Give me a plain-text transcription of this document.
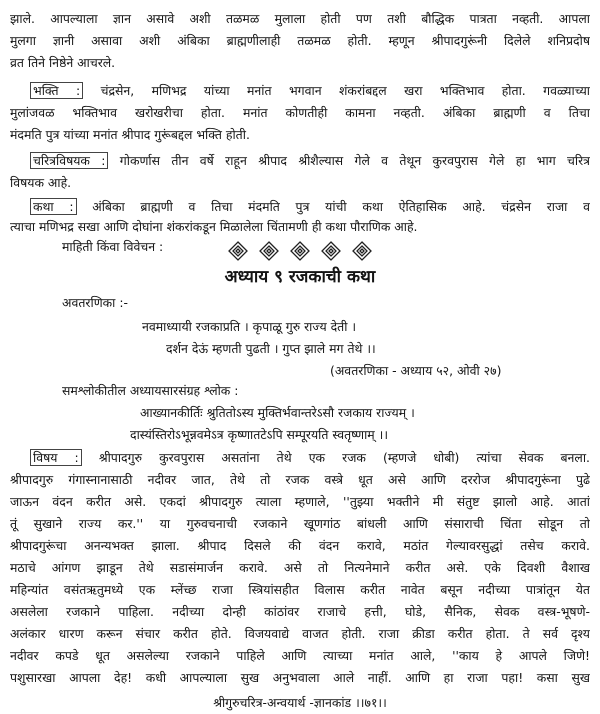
झाले. आपल्याला ज्ञान असावे अशी तळमळ मुलाला होती पण तशी बौद्धिक पात्रता नव्हती. आपला
मुलगा ज्ञानी असावा अशी अंबिका ब्राह्मणीलाही तळमळ होती. म्हणून श्रीपादगुरूंनी दिलेले शनिप्रदोष
व्रत तिने निष्ठेने आचरले.
भक्ति : चंद्रसेन, मणिभद्र यांच्या मनांत भगवान शंकरांबद्दल खरा भक्तिभाव होता. गवळ्याच्या
मुलांजवळ भक्तिभाव खरोखरीचा होता. मनांत कोणतीही कामना नव्हती. अंबिका ब्राह्मणी व तिचा
मंदमति पुत्र यांच्या मनांत श्रीपाद गुरूंबद्दल भक्ति होती.
चरित्रविषयक : गोकर्णास तीन वर्षे राहून श्रीपाद श्रीशैल्यास गेले व तेथून कुरवपुरास गेले हा भाग चरित्र
विषयक आहे.
कथा : अंबिका ब्राह्मणी व तिचा मंदमति पुत्र यांची कथा ऐतिहासिक आहे. चंद्रसेन राजा व
त्याचा मणिभद्र सखा आणि दोघांना शंकरांकडून मिळालेला चिंतामणी ही कथा पौराणिक आहे.
माहिती किंवा विवेचन :
अध्याय ९ रजकाची कथा
अवतरणिका :-
नवमाध्यायी रजकाप्रति । कृपाळू गुरु राज्य देती ।
दर्शन देऊं म्हणती पुढती । गुप्त झाले मग तेथे ।।
(अवतरणिका - अध्याय ५२, ओवी २७)
समश्लोकीतील अध्यायसारसंग्रह श्लोक :
आख्यानकीर्तिः श्रुतितोऽस्य मुक्तिर्भवान्तरेऽसौ रजकाय राज्यम् ।
दास्यंस्तिरोऽभून्नवमेऽत्र कृष्णातटेऽपि सम्पूरयति स्वतृष्णाम् ।।
विषय : श्रीपादगुरु कुरवपुरास असतांना तेथे एक रजक (म्हणजे धोबी) त्यांचा सेवक बनला.
श्रीपादगुरु गंगास्नानासाठी नदीवर जात, तेथे तो रजक वस्त्रे धूत असे आणि दररोज श्रीपादगुरूंना पुढे
जाऊन वंदन करीत असे. एकदां श्रीपादगुरु त्याला म्हणाले, ''तुझ्या भक्तीने मी संतुष्ट झालो आहे. आतां
तूं सुखाने राज्य कर.'' या गुरुवचनाची रजकाने खूणगांठ बांधली आणि संसाराची चिंता सोडून तो
श्रीपादगुरूंचा अनन्यभक्त झाला. श्रीपाद दिसले की वंदन करावे, मठांत गेल्यावरसुद्धां तसेच करावे.
मठाचे आंगण झाडून तेथे सडासंमार्जन करावे. असे तो नित्यनेमाने करीत असे. एके दिवशी वैशाख
महिन्यांत वसंतऋतुमध्ये एक म्लेंच्छ राजा स्त्रियांसहीत विलास करीत नावेत बसून नदीच्या पात्रांतून येत
असलेला रजकाने पाहिला. नदीच्या दोन्ही कांठांवर राजाचे हत्ती, घोडे, सैनिक, सेवक वस्त्र-भूषणे-
अलंकार धारण करून संचार करीत होते. विजयवाद्ये वाजत होती. राजा क्रीडा करीत होता. ते सर्व दृश्य
नदीवर कपडे धूत असलेल्या रजकाने पाहिले आणि त्याच्या मनांत आले, ''काय हे आपले जिणे!
पशुसारखा आपला देह! कधी आपल्याला सुख अनुभवाला आले नाहीं. आणि हा राजा पहा! कसा सुख
श्रीगुरुचरित्र-अन्वयार्थ -ज्ञानकांड ।।७१।।
